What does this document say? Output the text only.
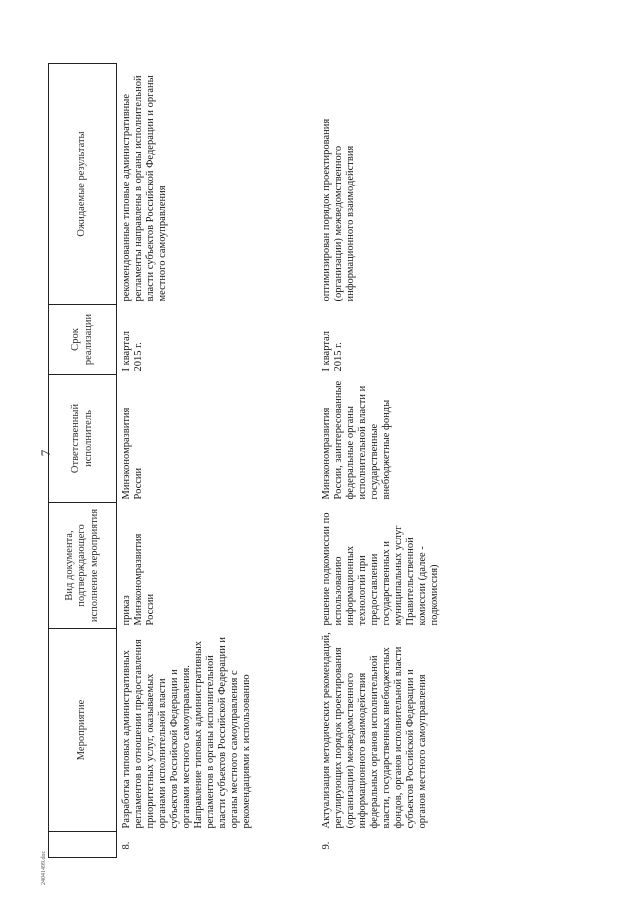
7
	Мероприятие	Вид документа, подтверждающего исполнение мероприятия	Ответственный исполнитель	Срок реализации	Ожидаемые результаты
8.	Разработка типовых административных регламентов в отношении предоставления приоритетных услуг, оказываемых органами исполнительной власти субъектов Российской Федерации и органами местного самоуправления. Направление типовых административных регламентов в органы исполнительной власти субъектов Российской Федерации и органы местного самоуправления с рекомендациями к использованию	приказ Минэкономразвития России	Минэкономразвития России	I квартал 2015 г.	рекомендованные типовые административные регламенты направлены в органы исполнительной власти субъектов Российской Федерации и органы местного самоуправления
9.	Актуализация методических рекомендаций, регулирующих порядок проектирования (организации) межведомственного информационного взаимодействия федеральных органов исполнительной власти, государственных внебюджетных фондов, органов исполнительной власти субъектов Российской Федерации и органов местного самоуправления	решение подкомиссии по использованию информационных технологий при предоставлении государственных и муниципальных услуг Правительственной комиссии (далее - подкомиссия)	Минэкономразвития России, заинтересованные федеральные органы исполнительной власти и государственные внебюджетные фонды	I квартал 2015 г.	оптимизирован порядок проектирования (организации) межведомственного информационного взаимодействия
24041499.doc
